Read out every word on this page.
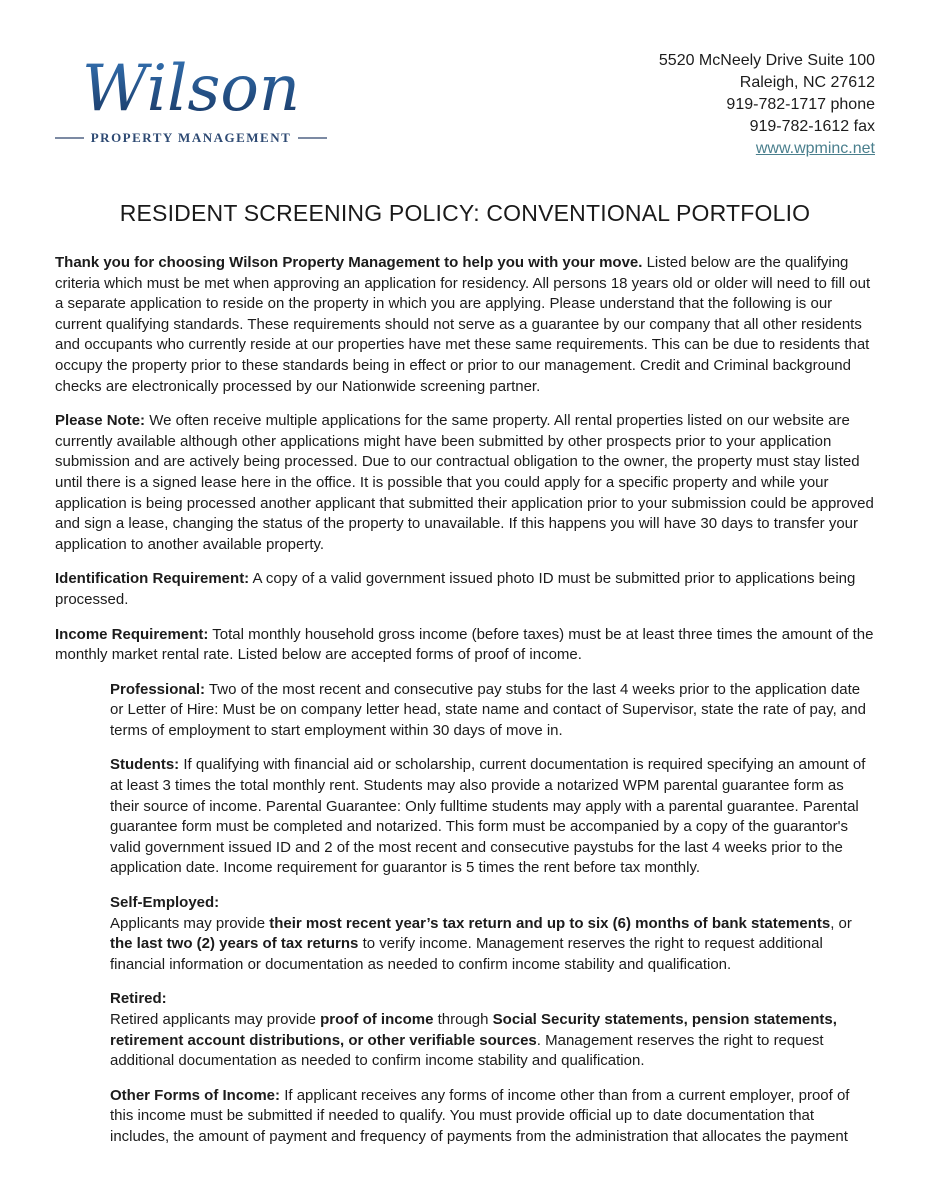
Wilson
PROPERTY MANAGEMENT
5520 McNeely Drive Suite 100
Raleigh, NC 27612
919-782-1717 phone
919-782-1612 fax
www.wpminc.net
RESIDENT SCREENING POLICY: CONVENTIONAL PORTFOLIO

Thank you for choosing Wilson Property Management to help you with your move. Listed below are the qualifying criteria which must be met when approving an application for residency. All persons 18 years old or older will need to fill out a separate application to reside on the property in which you are applying. Please understand that the following is our current qualifying standards. These requirements should not serve as a guarantee by our company that all other residents and occupants who currently reside at our properties have met these same requirements. This can be due to residents that occupy the property prior to these standards being in effect or prior to our management. Credit and Criminal background checks are electronically processed by our Nationwide screening partner.

Please Note: We often receive multiple applications for the same property. All rental properties listed on our website are currently available although other applications might have been submitted by other prospects prior to your application submission and are actively being processed. Due to our contractual obligation to the owner, the property must stay listed until there is a signed lease here in the office. It is possible that you could apply for a specific property and while your application is being processed another applicant that submitted their application prior to your submission could be approved and sign a lease, changing the status of the property to unavailable. If this happens you will have 30 days to transfer your application to another available property.

Identification Requirement: A copy of a valid government issued photo ID must be submitted prior to applications being processed.

Income Requirement: Total monthly household gross income (before taxes) must be at least three times the amount of the monthly market rental rate. Listed below are accepted forms of proof of income.

Professional: Two of the most recent and consecutive pay stubs for the last 4 weeks prior to the application date or Letter of Hire: Must be on company letter head, state name and contact of Supervisor, state the rate of pay, and terms of employment to start employment within 30 days of move in.

Students: If qualifying with financial aid or scholarship, current documentation is required specifying an amount of at least 3 times the total monthly rent. Students may also provide a notarized WPM parental guarantee form as their source of income. Parental Guarantee: Only fulltime students may apply with a parental guarantee. Parental guarantee form must be completed and notarized. This form must be accompanied by a copy of the guarantor's valid government issued ID and 2 of the most recent and consecutive paystubs for the last 4 weeks prior to the application date. Income requirement for guarantor is 5 times the rent before tax monthly.

Self-Employed:
Applicants may provide their most recent year’s tax return and up to six (6) months of bank statements, or the last two (2) years of tax returns to verify income. Management reserves the right to request additional financial information or documentation as needed to confirm income stability and qualification.

Retired:
Retired applicants may provide proof of income through Social Security statements, pension statements, retirement account distributions, or other verifiable sources. Management reserves the right to request additional documentation as needed to confirm income stability and qualification.

Other Forms of Income: If applicant receives any forms of income other than from a current employer, proof of this income must be submitted if needed to qualify. You must provide official up to date documentation that includes, the amount of payment and frequency of payments from the administration that allocates the payment
